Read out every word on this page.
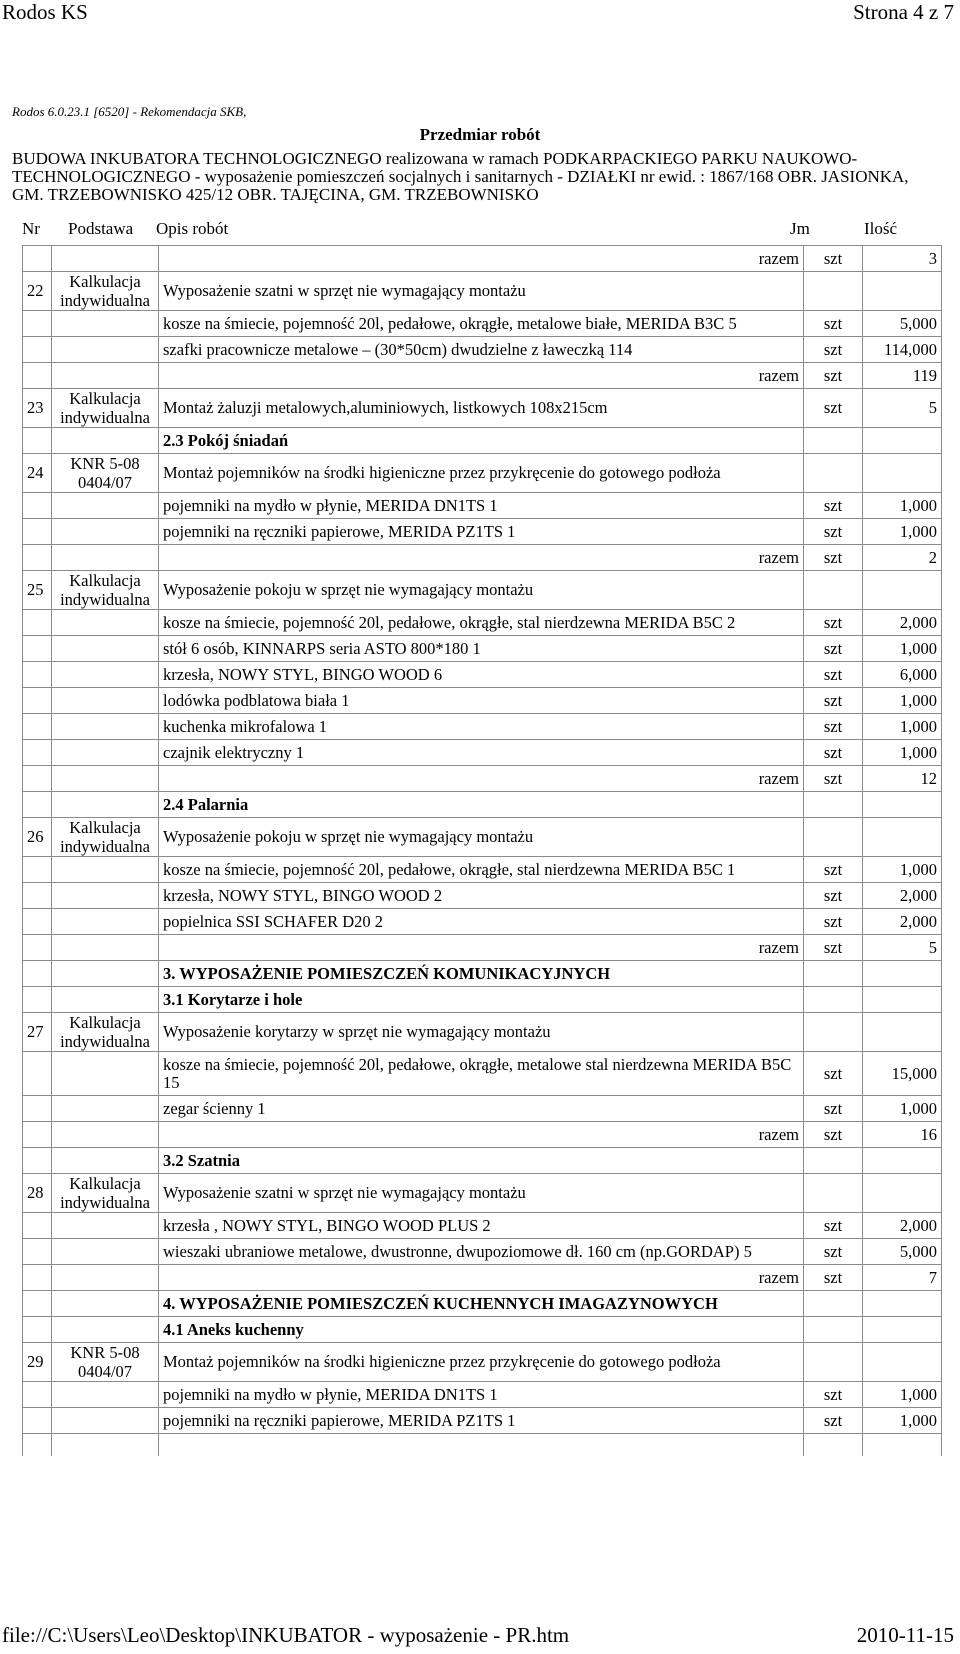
Rodos KS	Strona 4 z 7
Rodos 6.0.23.1 [6520] - Rekomendacja SKB,
Przedmiar robót
BUDOWA INKUBATORA TECHNOLOGICZNEGO realizowana w ramach PODKARPACKIEGO PARKU NAUKOWO-TECHNOLOGICZNEGO - wyposażenie pomieszczeń socjalnych i sanitarnych - DZIAŁKI nr ewid. : 1867/168 OBR. JASIONKA, GM. TRZEBOWNISKO 425/12 OBR. TAJĘCINA, GM. TRZEBOWNISKO
Nr Podstawa Opis robót	Jm	Ilość

		razem	szt	3
22	Kalkulacja indywidualna	Wyposażenie szatni w sprzęt nie wymagający montażu		
		kosze na śmiecie, pojemność 20l, pedałowe, okrągłe, metalowe białe, MERIDA B3C 5	szt	5,000
		szafki pracownicze metalowe – (30*50cm) dwudzielne z ławeczką 114	szt	114,000

		razem	szt	119
23	Kalkulacja indywidualna	Montaż żaluzji metalowych,aluminiowych, listkowych 108x215cm	szt	5
		2.3 Pokój śniadań		
24	KNR 5-08 0404/07	Montaż pojemników na środki higieniczne przez przykręcenie do gotowego podłoża		
		pojemniki na mydło w płynie, MERIDA DN1TS 1	szt	1,000
		pojemniki na ręczniki papierowe, MERIDA PZ1TS 1	szt	1,000

		razem	szt	2
25	Kalkulacja indywidualna	Wyposażenie pokoju w sprzęt nie wymagający montażu		
		kosze na śmiecie, pojemność 20l, pedałowe, okrągłe, stal nierdzewna MERIDA B5C 2	szt	2,000
		stół 6 osób, KINNARPS seria ASTO 800*180 1	szt	1,000
		krzesła, NOWY STYL, BINGO WOOD 6	szt	6,000
		lodówka podblatowa biała 1	szt	1,000
		kuchenka mikrofalowa 1	szt	1,000
		czajnik elektryczny 1	szt	1,000

		razem	szt	12
		2.4 Palarnia		
26	Kalkulacja indywidualna	Wyposażenie pokoju w sprzęt nie wymagający montażu		
		kosze na śmiecie, pojemność 20l, pedałowe, okrągłe, stal nierdzewna MERIDA B5C 1	szt	1,000
		krzesła, NOWY STYL, BINGO WOOD 2	szt	2,000
		popielnica SSI SCHAFER D20 2	szt	2,000

		razem	szt	5
		3. WYPOSAŻENIE POMIESZCZEŃ KOMUNIKACYJNYCH		
		3.1 Korytarze i hole		
27	Kalkulacja indywidualna	Wyposażenie korytarzy w sprzęt nie wymagający montażu		
		kosze na śmiecie, pojemność 20l, pedałowe, okrągłe, metalowe stal nierdzewna MERIDA B5C 15	szt	15,000
		zegar ścienny 1	szt	1,000

		razem	szt	16
		3.2 Szatnia		
28	Kalkulacja indywidualna	Wyposażenie szatni w sprzęt nie wymagający montażu		
		krzesła , NOWY STYL, BINGO WOOD PLUS 2	szt	2,000
		wieszaki ubraniowe metalowe, dwustronne, dwupoziomowe dł. 160 cm (np.GORDAP) 5	szt	5,000

		razem	szt	7
		4. WYPOSAŻENIE POMIESZCZEŃ KUCHENNYCH IMAGAZYNOWYCH		
		4.1 Aneks kuchenny		
29	KNR 5-08 0404/07	Montaż pojemników na środki higieniczne przez przykręcenie do gotowego podłoża		
		pojemniki na mydło w płynie, MERIDA DN1TS 1	szt	1,000
		pojemniki na ręczniki papierowe, MERIDA PZ1TS 1	szt	1,000

file://C:\Users\Leo\Desktop\INKUBATOR - wyposażenie - PR.htm	2010-11-15
